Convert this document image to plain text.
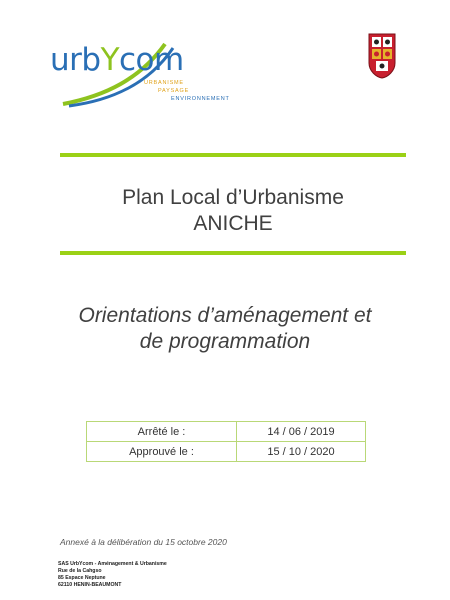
urbYcom
URBANISME
PAYSAGE
ENVIRONNEMENT
Plan Local d’Urbanisme
ANICHE
Orientations d’aménagement et
de programmation
Arrêté le :	14 / 06 / 2019
Approuvé le :	15 / 10 / 2020
Annexé à la délibération du 15 octobre 2020
SAS UrbYcom - Aménagement & Urbanisme
Rue de la Cahgso
85 Espace Neptune
62110 HENIN-BEAUMONT
